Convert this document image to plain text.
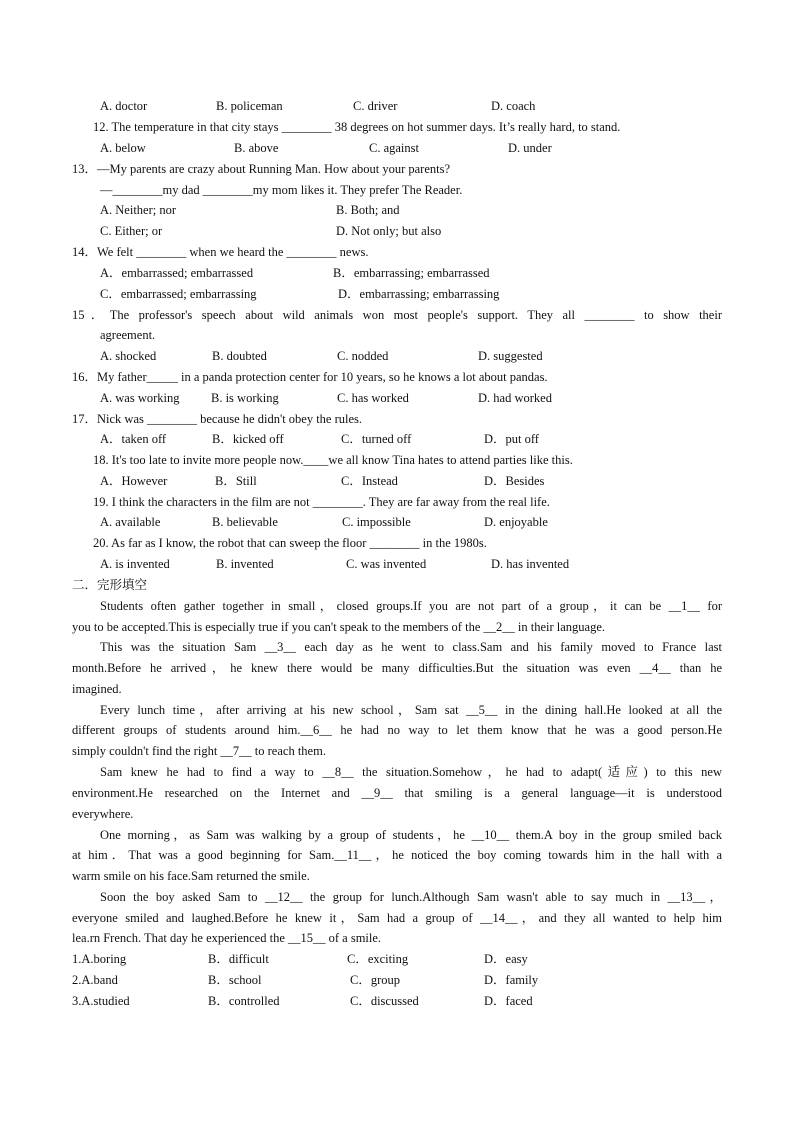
A. doctor	B. policeman	C. driver	D. coach
12. The temperature in that city stays ________ 38 degrees on hot summer days. It’s really hard, to stand.
A. below	B. above	C. against	D. under
13．—My parents are crazy about Running Man. How about your parents?
—________my dad ________my mom likes it. They prefer The Reader.
A. Neither; nor	B. Both; and
C. Either; or	D. Not only; but also
14．We felt ________ when we heard the ________ news.
A．embarrassed; embarrassed	B．embarrassing; embarrassed
C．embarrassed; embarrassing	D．embarrassing; embarrassing
15．The professor's speech about wild animals won most people's support. They all ________ to show their
agreement.
A. shocked	B. doubted	C. nodded	D. suggested
16．My father_____ in a panda protection center for 10 years, so he knows a lot about pandas.
A. was working	B. is working	C. has worked	D. had worked
17．Nick was ________ because he didn't obey the rules.
A．taken off	B．kicked off	C．turned off	D．put off
18. It's too late to invite more people now.____we all know Tina hates to attend parties like this.
A．However	B．Still	C．Instead	D．Besides
19. I think the characters in the film are not ________. They are far away from the real life.
A. available	B. believable	C. impossible	D. enjoyable
20. As far as I know, the robot that can sweep the floor ________ in the 1980s.
A. is invented	B. invented	C. was invented	D. has invented
二．完形填空
Students often gather together in small，closed groups.If you are not part of a group，it can be __1__ for
you to be accepted.This is especially true if you can't speak to the members of the __2__ in their language.
This was the situation Sam __3__ each day as he went to class.Sam and his family moved to France last
month.Before he arrived，he knew there would be many difficulties.But the situation was even __4__ than he
imagined.
Every lunch time，after arriving at his new school，Sam sat __5__ in the dining hall.He looked at all the
different groups of students around him.__6__ he had no way to let them know that he was a good person.He
simply couldn't find the right __7__ to reach them.
Sam knew he had to find a way to __8__ the situation.Somehow，he had to adapt(适应) to this new
environment.He researched on the Internet and __9__ that smiling is a general language—it is understood
everywhere.
One morning，as Sam was walking by a group of students，he __10__ them.A boy in the group smiled back
at him．That was a good beginning for Sam.__11__，he noticed the boy coming towards him in the hall with a
warm smile on his face.Sam returned the smile.
Soon the boy asked Sam to __12__ the group for lunch.Although Sam wasn't able to say much in __13__，
everyone smiled and laughed.Before he knew it，Sam had a group of __14__，and they all wanted to help him
lea.rn French. That day he experienced the __15__ of a smile.
1.A.boring	B．difficult	C．exciting	D．easy
2.A.band	B．school	C．group	D．family
3.A.studied	B．controlled	C．discussed	D．faced
